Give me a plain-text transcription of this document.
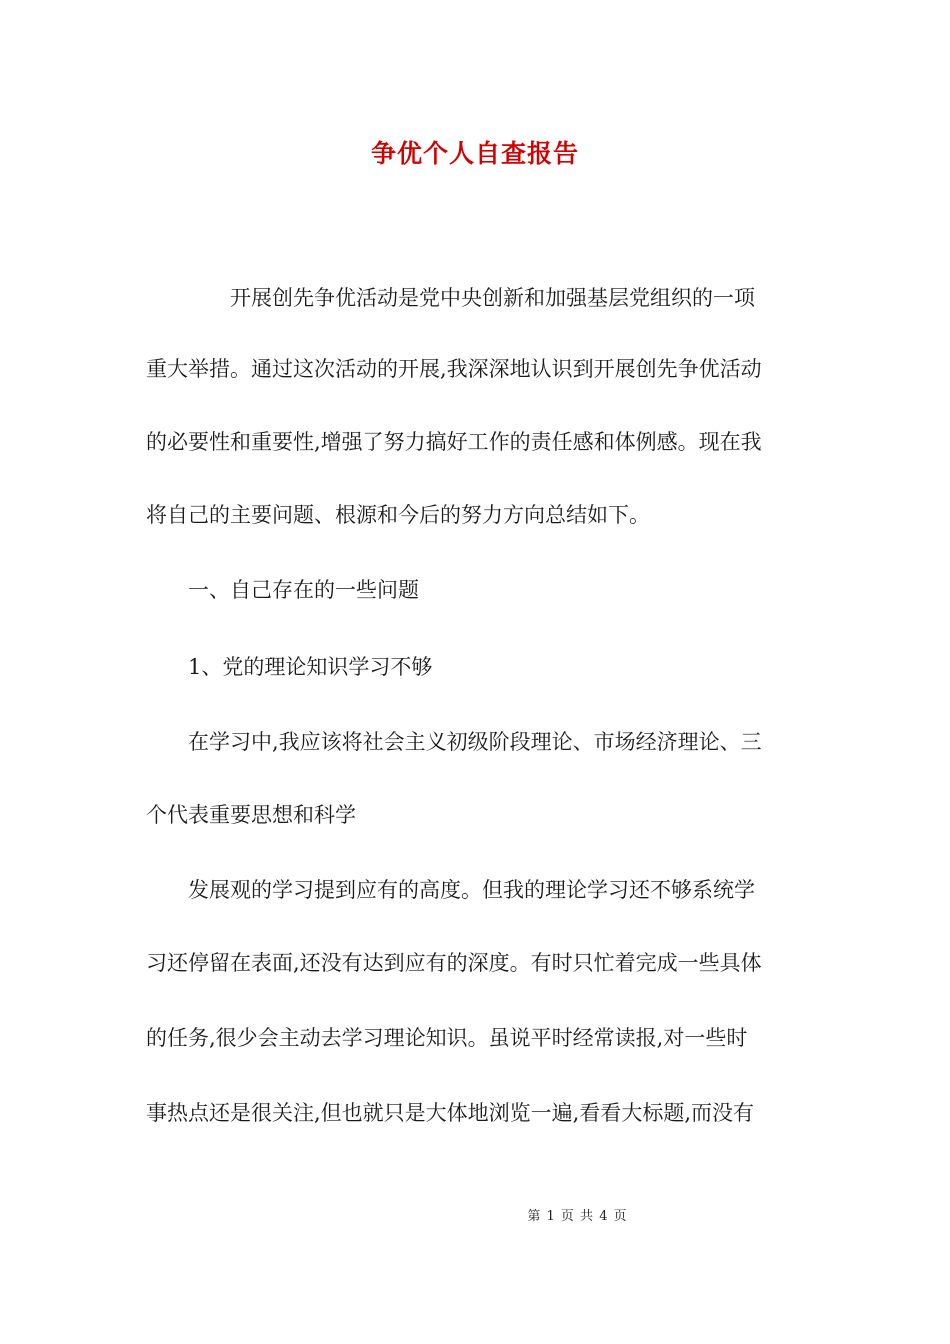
争优个人自查报告
　　　　开展创先争优活动是党中央创新和加强基层党组织的一项
重大举措。通过这次活动的开展,我深深地认识到开展创先争优活动
的必要性和重要性,增强了努力搞好工作的责任感和体例感。现在我
将自己的主要问题、根源和今后的努力方向总结如下。
　　一、自己存在的一些问题
　　1、党的理论知识学习不够
　　在学习中,我应该将社会主义初级阶段理论、市场经济理论、三
个代表重要思想和科学
　　发展观的学习提到应有的高度。但我的理论学习还不够系统学
习还停留在表面,还没有达到应有的深度。有时只忙着完成一些具体
的任务,很少会主动去学习理论知识。虽说平时经常读报,对一些时
事热点还是很关注,但也就只是大体地浏览一遍,看看大标题,而没有
第 1 页 共 4 页
